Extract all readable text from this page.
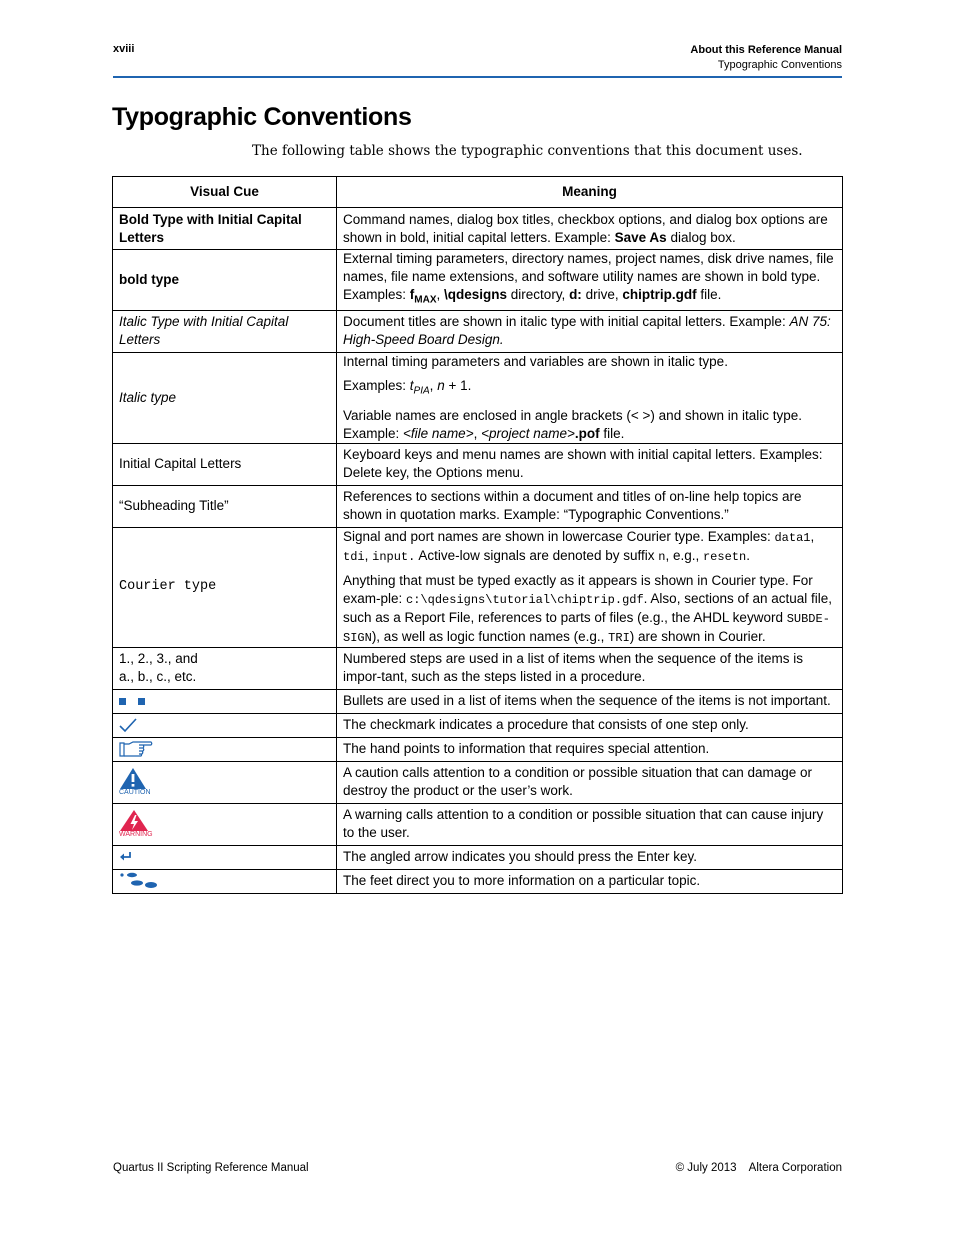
xviii	About this Reference Manual
Typographic Conventions
Typographic Conventions
The following table shows the typographic conventions that this document uses.
Visual Cue	Meaning
Bold Type with Initial Capital Letters	Command names, dialog box titles, checkbox options, and dialog box options are shown in bold, initial capital letters. Example: Save As dialog box.
bold type	External timing parameters, directory names, project names, disk drive names, file names, file name extensions, and software utility names are shown in bold type. Examples: $f_{MAX}$, \qdesigns directory, d: drive, chiptrip.gdf file.
Italic Type with Initial Capital Letters	Document titles are shown in italic type with initial capital letters. Example: AN 75: High-Speed Board Design.
Italic type	Internal timing parameters and variables are shown in italic type.

Examples: $t_{PIA}$, n + 1.

Variable names are enclosed in angle brackets (< >) and shown in italic type. Example: <file name>, <project name>.pof file.

Initial Capital Letters	Keyboard keys and menu names are shown with initial capital letters. Examples: Delete key, the Options menu.
“Subheading Title”	References to sections within a document and titles of on-line help topics are shown in quotation marks. Example: “Typographic Conventions.”
Courier type	Signal and port names are shown in lowercase Courier type. Examples: data1, tdi, input. Active-low signals are denoted by suffix n, e.g., resetn.

Anything that must be typed exactly as it appears is shown in Courier type. For exam-ple: c:\qdesigns\tutorial\chiptrip.gdf. Also, sections of an actual file, such as a Report File, references to parts of files (e.g., the AHDL keyword SUBDE-SIGN), as well as logic function names (e.g., TRI) are shown in Courier.

1., 2., 3., and
a., b., c., etc.	Numbered steps are used in a list of items when the sequence of the items is impor-tant, such as the steps listed in a procedure.
	Bullets are used in a list of items when the sequence of the items is not important.

	The checkmark indicates a procedure that consists of one step only.

	The hand points to information that requires special attention.

CAUTION	A caution calls attention to a condition or possible situation that can damage or destroy the product or the user’s work.

WARNING	A warning calls attention to a condition or possible situation that can cause injury to the user.

	The angled arrow indicates you should press the Enter key.

	The feet direct you to more information on a particular topic.
Quartus II Scripting Reference Manual	© July 2013    Altera Corporation
